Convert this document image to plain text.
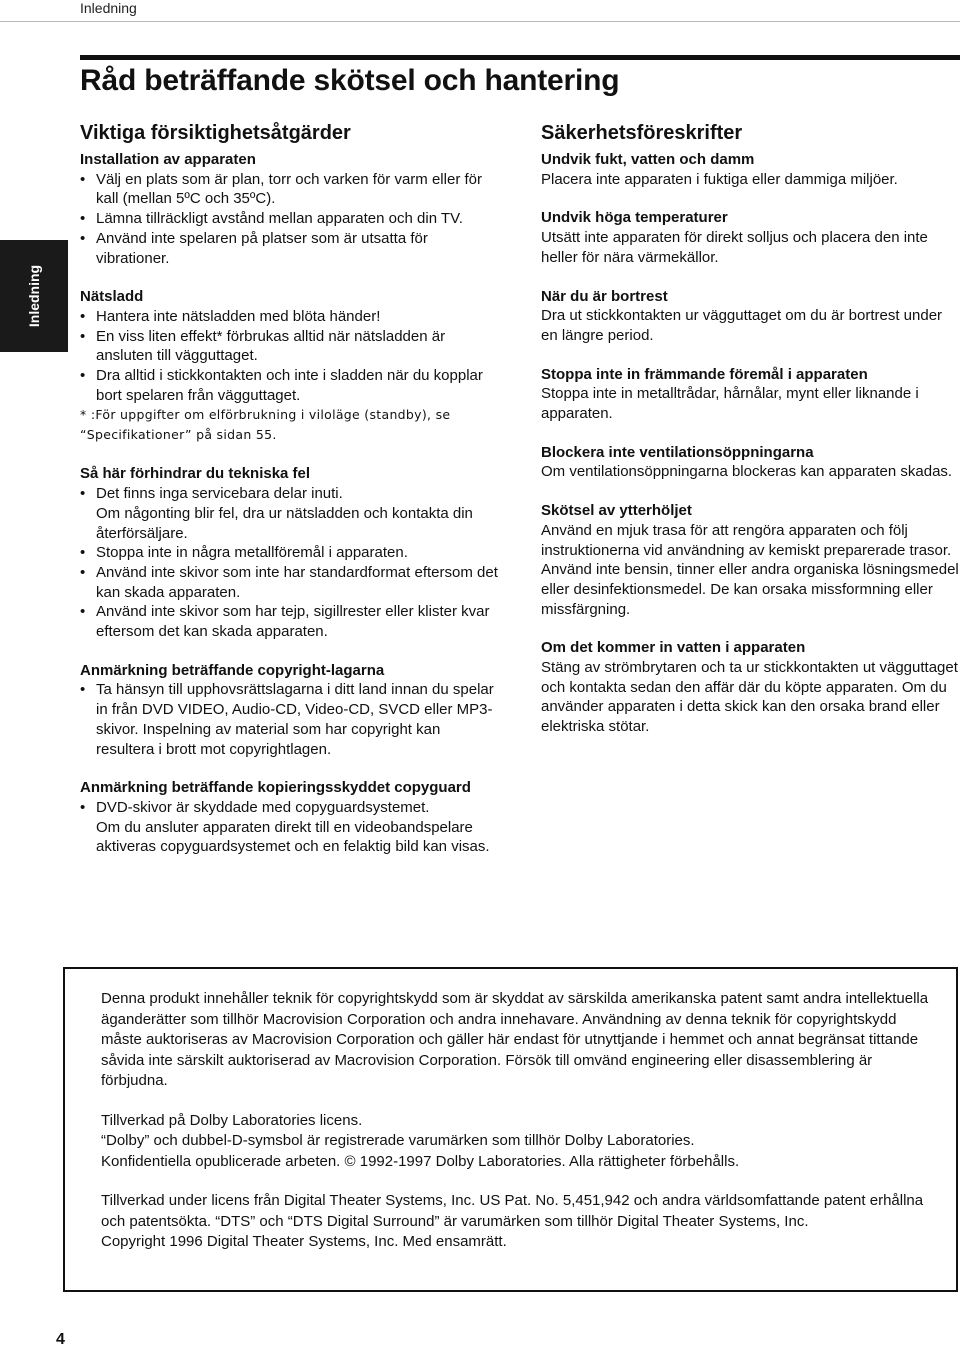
Inledning
Råd beträffande skötsel och hantering
Inledning
Viktiga försiktighetsåtgärder
Installation av apparaten
• Välj en plats som är plan, torr och varken för varm eller för kall (mellan 5ºC och 35ºC).
• Lämna tillräckligt avstånd mellan apparaten och din TV.
• Använd inte spelaren på platser som är utsatta för vibrationer.
Nätsladd
• Hantera inte nätsladden med blöta händer!
• En viss liten effekt* förbrukas alltid när nätsladden är ansluten till vägguttaget.
• Dra alltid i stickkontakten och inte i sladden när du kopplar bort spelaren från vägguttaget.

* :För uppgifter om elförbrukning i viloläge (standby), se “Specifikationer” på sidan 55.

Så här förhindrar du tekniska fel
• Det finns inga servicebara delar inuti.
Om någonting blir fel, dra ur nätsladden och kontakta din återförsäljare.
• Stoppa inte in några metallföremål i apparaten.
• Använd inte skivor som inte har standardformat eftersom det kan skada apparaten.
• Använd inte skivor som har tejp, sigillrester eller klister kvar eftersom det kan skada apparaten.
Anmärkning beträffande copyright-lagarna
• Ta hänsyn till upphovsrättslagarna i ditt land innan du spelar in från DVD VIDEO, Audio-CD, Video-CD, SVCD eller MP3-skivor. Inspelning av material som har copyright kan resultera i brott mot copyrightlagen.
Anmärkning beträffande kopieringsskyddet copyguard
• DVD-skivor är skyddade med copyguardsystemet.
Om du ansluter apparaten direkt till en videobandspelare aktiveras copyguardsystemet och en felaktig bild kan visas.
Säkerhetsföreskrifter
Undvik fukt, vatten och damm

Placera inte apparaten i fuktiga eller dammiga miljöer.

Undvik höga temperaturer

Utsätt inte apparaten för direkt solljus och placera den inte heller för nära värmekällor.

När du är bortrest

Dra ut stickkontakten ur vägguttaget om du är bortrest under en längre period.

Stoppa inte in främmande föremål i apparaten

Stoppa inte in metalltrådar, hårnålar, mynt eller liknande i apparaten.

Blockera inte ventilationsöppningarna

Om ventilationsöppningarna blockeras kan apparaten skadas.

Skötsel av ytterhöljet

Använd en mjuk trasa för att rengöra apparaten och följ instruktionerna vid användning av kemiskt preparerade trasor. Använd inte bensin, tinner eller andra organiska lösningsmedel eller desinfektionsmedel. De kan orsaka missformning eller missfärgning.

Om det kommer in vatten i apparaten

Stäng av strömbrytaren och ta ur stickkontakten ut vägguttaget och kontakta sedan den affär där du köpte apparaten. Om du använder apparaten i detta skick kan den orsaka brand eller elektriska stötar.

Denna produkt innehåller teknik för copyrightskydd som är skyddat av särskilda amerikanska patent samt andra intellektuella äganderätter som tillhör Macrovision Corporation och andra innehavare. Användning av denna teknik för copyrightskydd måste auktoriseras av Macrovision Corporation och gäller här endast för utnyttjande i hemmet och annat begränsat tittande såvida inte särskilt auktoriserad av Macrovision Corporation. Försök till omvänd engineering eller disassemblering är förbjudna.

Tillverkad på Dolby Laboratories licens.

“Dolby” och dubbel-D-symsbol är registrerade varumärken som tillhör Dolby Laboratories.

Konfidentiella opublicerade arbeten. © 1992-1997 Dolby Laboratories. Alla rättigheter förbehålls.

Tillverkad under licens från Digital Theater Systems, Inc. US Pat. No. 5,451,942 och andra världsomfattande patent erhållna och patentsökta. “DTS” och “DTS Digital Surround” är varumärken som tillhör Digital Theater Systems, Inc.

Copyright 1996 Digital Theater Systems, Inc. Med ensamrätt.

4
